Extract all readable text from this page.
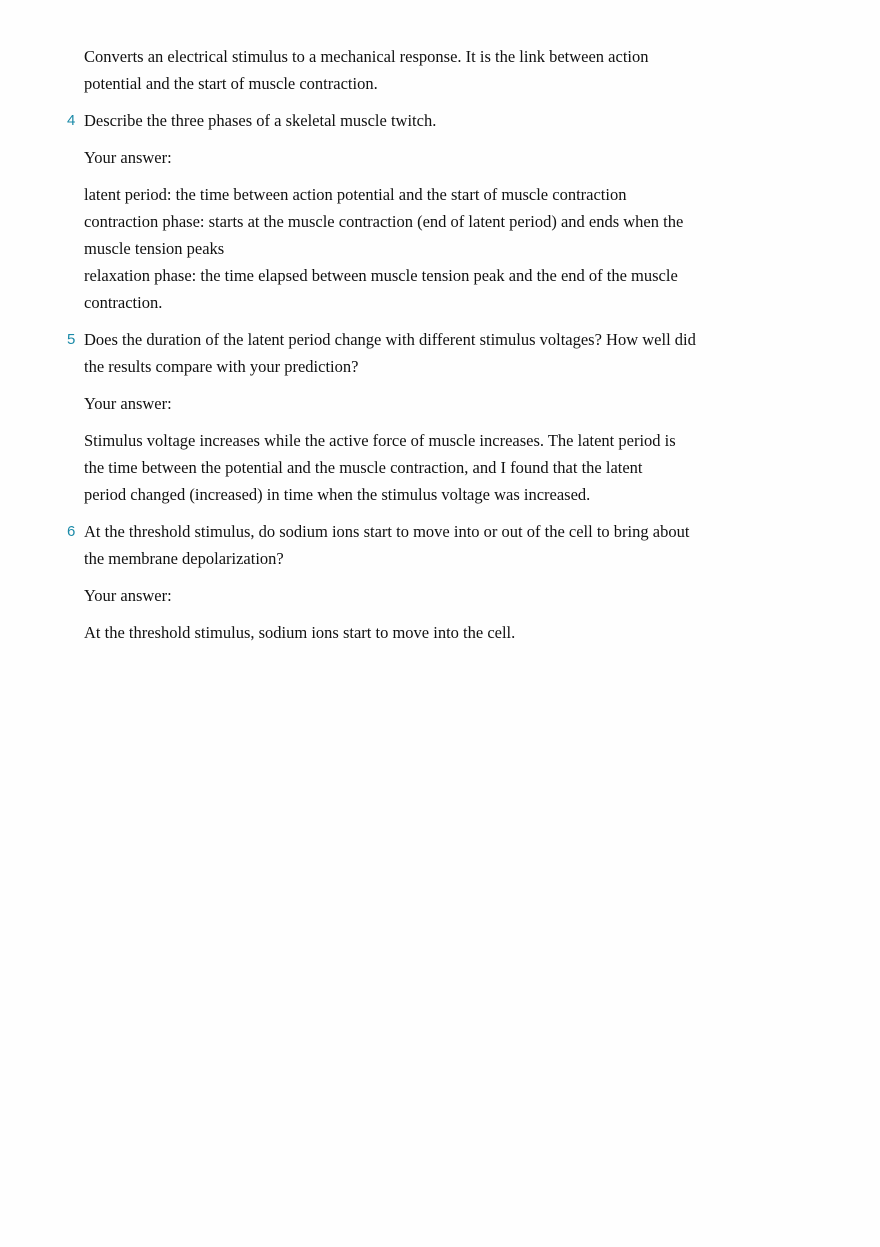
Converts an electrical stimulus to a mechanical response. It is the link between action
potential and the start of muscle contraction.
4 Describe the three phases of a skeletal muscle twitch.
Your answer:
latent period: the time between action potential and the start of muscle contraction
contraction phase: starts at the muscle contraction (end of latent period) and ends when the
muscle tension peaks
relaxation phase: the time elapsed between muscle tension peak and the end of the muscle
contraction.
5 Does the duration of the latent period change with different stimulus voltages? How well did
the results compare with your prediction?
Your answer:
Stimulus voltage increases while the active force of muscle increases. The latent period is
the time between the potential and the muscle contraction, and I found that the latent
period changed (increased) in time when the stimulus voltage was increased.
6 At the threshold stimulus, do sodium ions start to move into or out of the cell to bring about
the membrane depolarization?
Your answer:
At the threshold stimulus, sodium ions start to move into the cell.
